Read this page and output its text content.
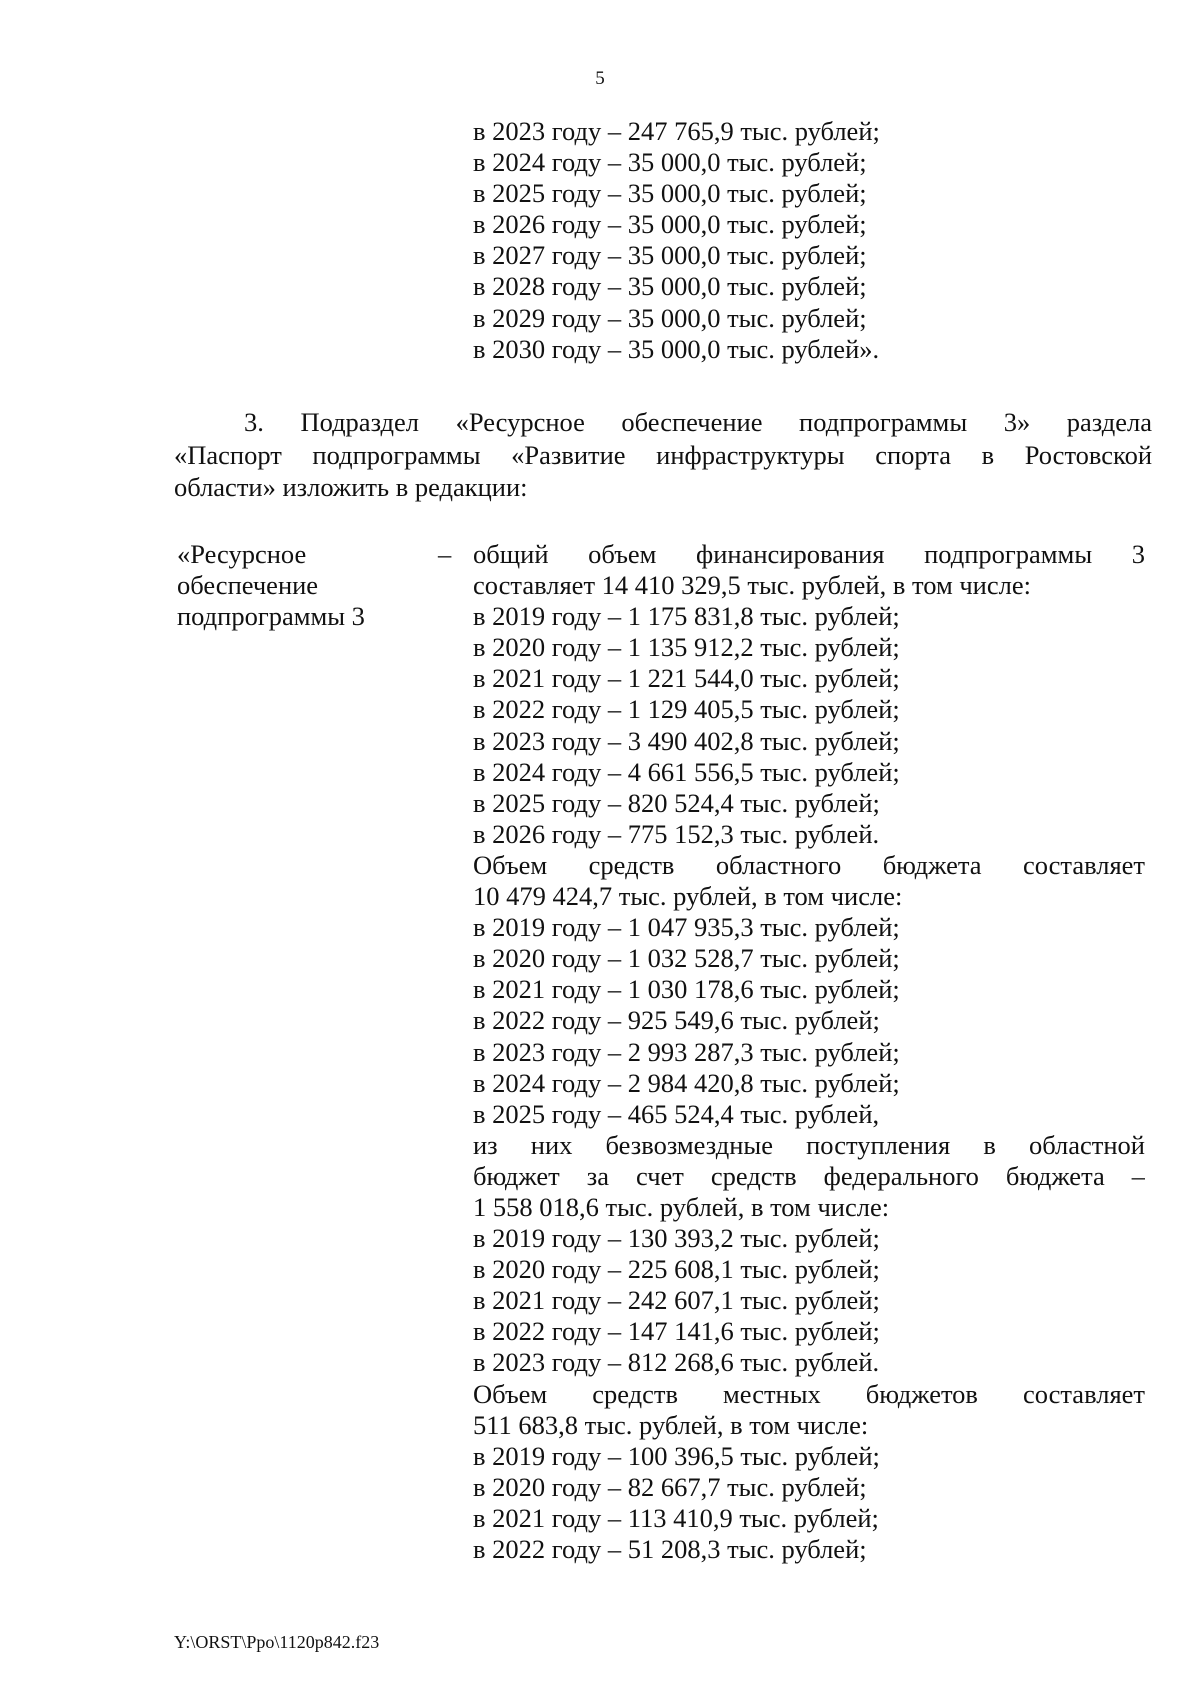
5
в 2023 году – 247 765,9 тыс. рублей;
в 2024 году – 35 000,0 тыс. рублей;
в 2025 году – 35 000,0 тыс. рублей;
в 2026 году – 35 000,0 тыс. рублей;
в 2027 году – 35 000,0 тыс. рублей;
в 2028 году – 35 000,0 тыс. рублей;
в 2029 году – 35 000,0 тыс. рублей;
в 2030 году – 35 000,0 тыс. рублей».
3. Подраздел «Ресурсное обеспечение подпрограммы 3» раздела
«Паспорт подпрограммы «Развитие инфраструктуры спорта в Ростовской
области» изложить в редакции:
«Ресурсное
обеспечение
подпрограммы 3
– общий объем финансирования подпрограммы 3
составляет 14 410 329,5 тыс. рублей, в том числе:
в 2019 году – 1 175 831,8 тыс. рублей;
в 2020 году – 1 135 912,2 тыс. рублей;
в 2021 году – 1 221 544,0 тыс. рублей;
в 2022 году – 1 129 405,5 тыс. рублей;
в 2023 году – 3 490 402,8 тыс. рублей;
в 2024 году – 4 661 556,5 тыс. рублей;
в 2025 году – 820 524,4 тыс. рублей;
в 2026 году – 775 152,3 тыс. рублей.
Объем средств областного бюджета составляет
10 479 424,7 тыс. рублей, в том числе:
в 2019 году – 1 047 935,3 тыс. рублей;
в 2020 году – 1 032 528,7 тыс. рублей;
в 2021 году – 1 030 178,6 тыс. рублей;
в 2022 году – 925 549,6 тыс. рублей;
в 2023 году – 2 993 287,3 тыс. рублей;
в 2024 году – 2 984 420,8 тыс. рублей;
в 2025 году – 465 524,4 тыс. рублей,
из них безвозмездные поступления в областной
бюджет за счет средств федерального бюджета –
1 558 018,6 тыс. рублей, в том числе:
в 2019 году – 130 393,2 тыс. рублей;
в 2020 году – 225 608,1 тыс. рублей;
в 2021 году – 242 607,1 тыс. рублей;
в 2022 году – 147 141,6 тыс. рублей;
в 2023 году – 812 268,6 тыс. рублей.
Объем средств местных бюджетов составляет
511 683,8 тыс. рублей, в том числе:
в 2019 году – 100 396,5 тыс. рублей;
в 2020 году – 82 667,7 тыс. рублей;
в 2021 году – 113 410,9 тыс. рублей;
в 2022 году – 51 208,3 тыс. рублей;
Y:\ORST\Ppo\1120p842.f23
